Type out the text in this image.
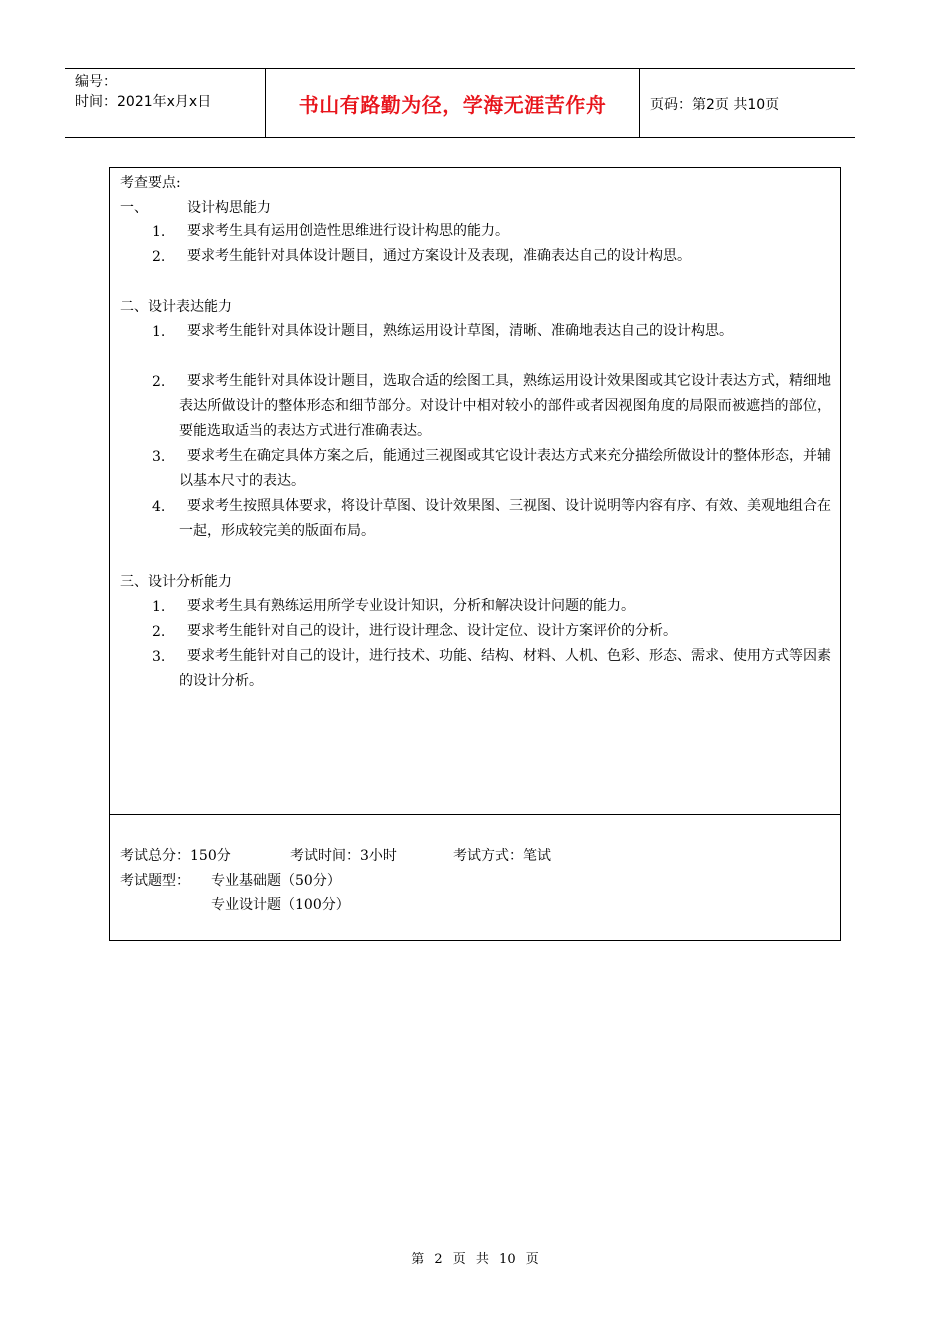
编号：
时间：2021年x月x日	书山有路勤为径，学海无涯苦作舟	页码：第2页 共10页
考查要点:
一、	设计构思能力
1. 要求考生具有运用创造性思维进行设计构思的能力。
2. 要求考生能针对具体设计题目，通过方案设计及表现，准确表达自己的设计构思。
二、设计表达能力
1.	要求考生能针对具体设计题目，熟练运用设计草图，清晰、准确地表达自己的设计构思。
2.	要求考生能针对具体设计题目，选取合适的绘图工具，熟练运用设计效果图或其它设计表达方式，精细地表达所做设计的整体形态和细节部分。对设计中相对较小的部件或者因视图角度的局限而被遮挡的部位，要能选取适当的表达方式进行准确表达。
3.	要求考生在确定具体方案之后，能通过三视图或其它设计表达方式来充分描绘所做设计的整体形态，并辅以基本尺寸的表达。
4.	要求考生按照具体要求，将设计草图、设计效果图、三视图、设计说明等内容有序、有效、美观地组合在一起，形成较完美的版面布局。
三、设计分析能力
1. 要求考生具有熟练运用所学专业设计知识，分析和解决设计问题的能力。
2. 要求考生能针对自己的设计，进行设计理念、设计定位、设计方案评价的分析。
3.	要求考生能针对自己的设计，进行技术、功能、结构、材料、人机、色彩、形态、需求、使用方式等因素的设计分析。
考试总分：150分	考试时间：3小时	考试方式：笔试
考试题型： 专业基础题（50分）
专业设计题（100分）
第 2 页 共 10 页
